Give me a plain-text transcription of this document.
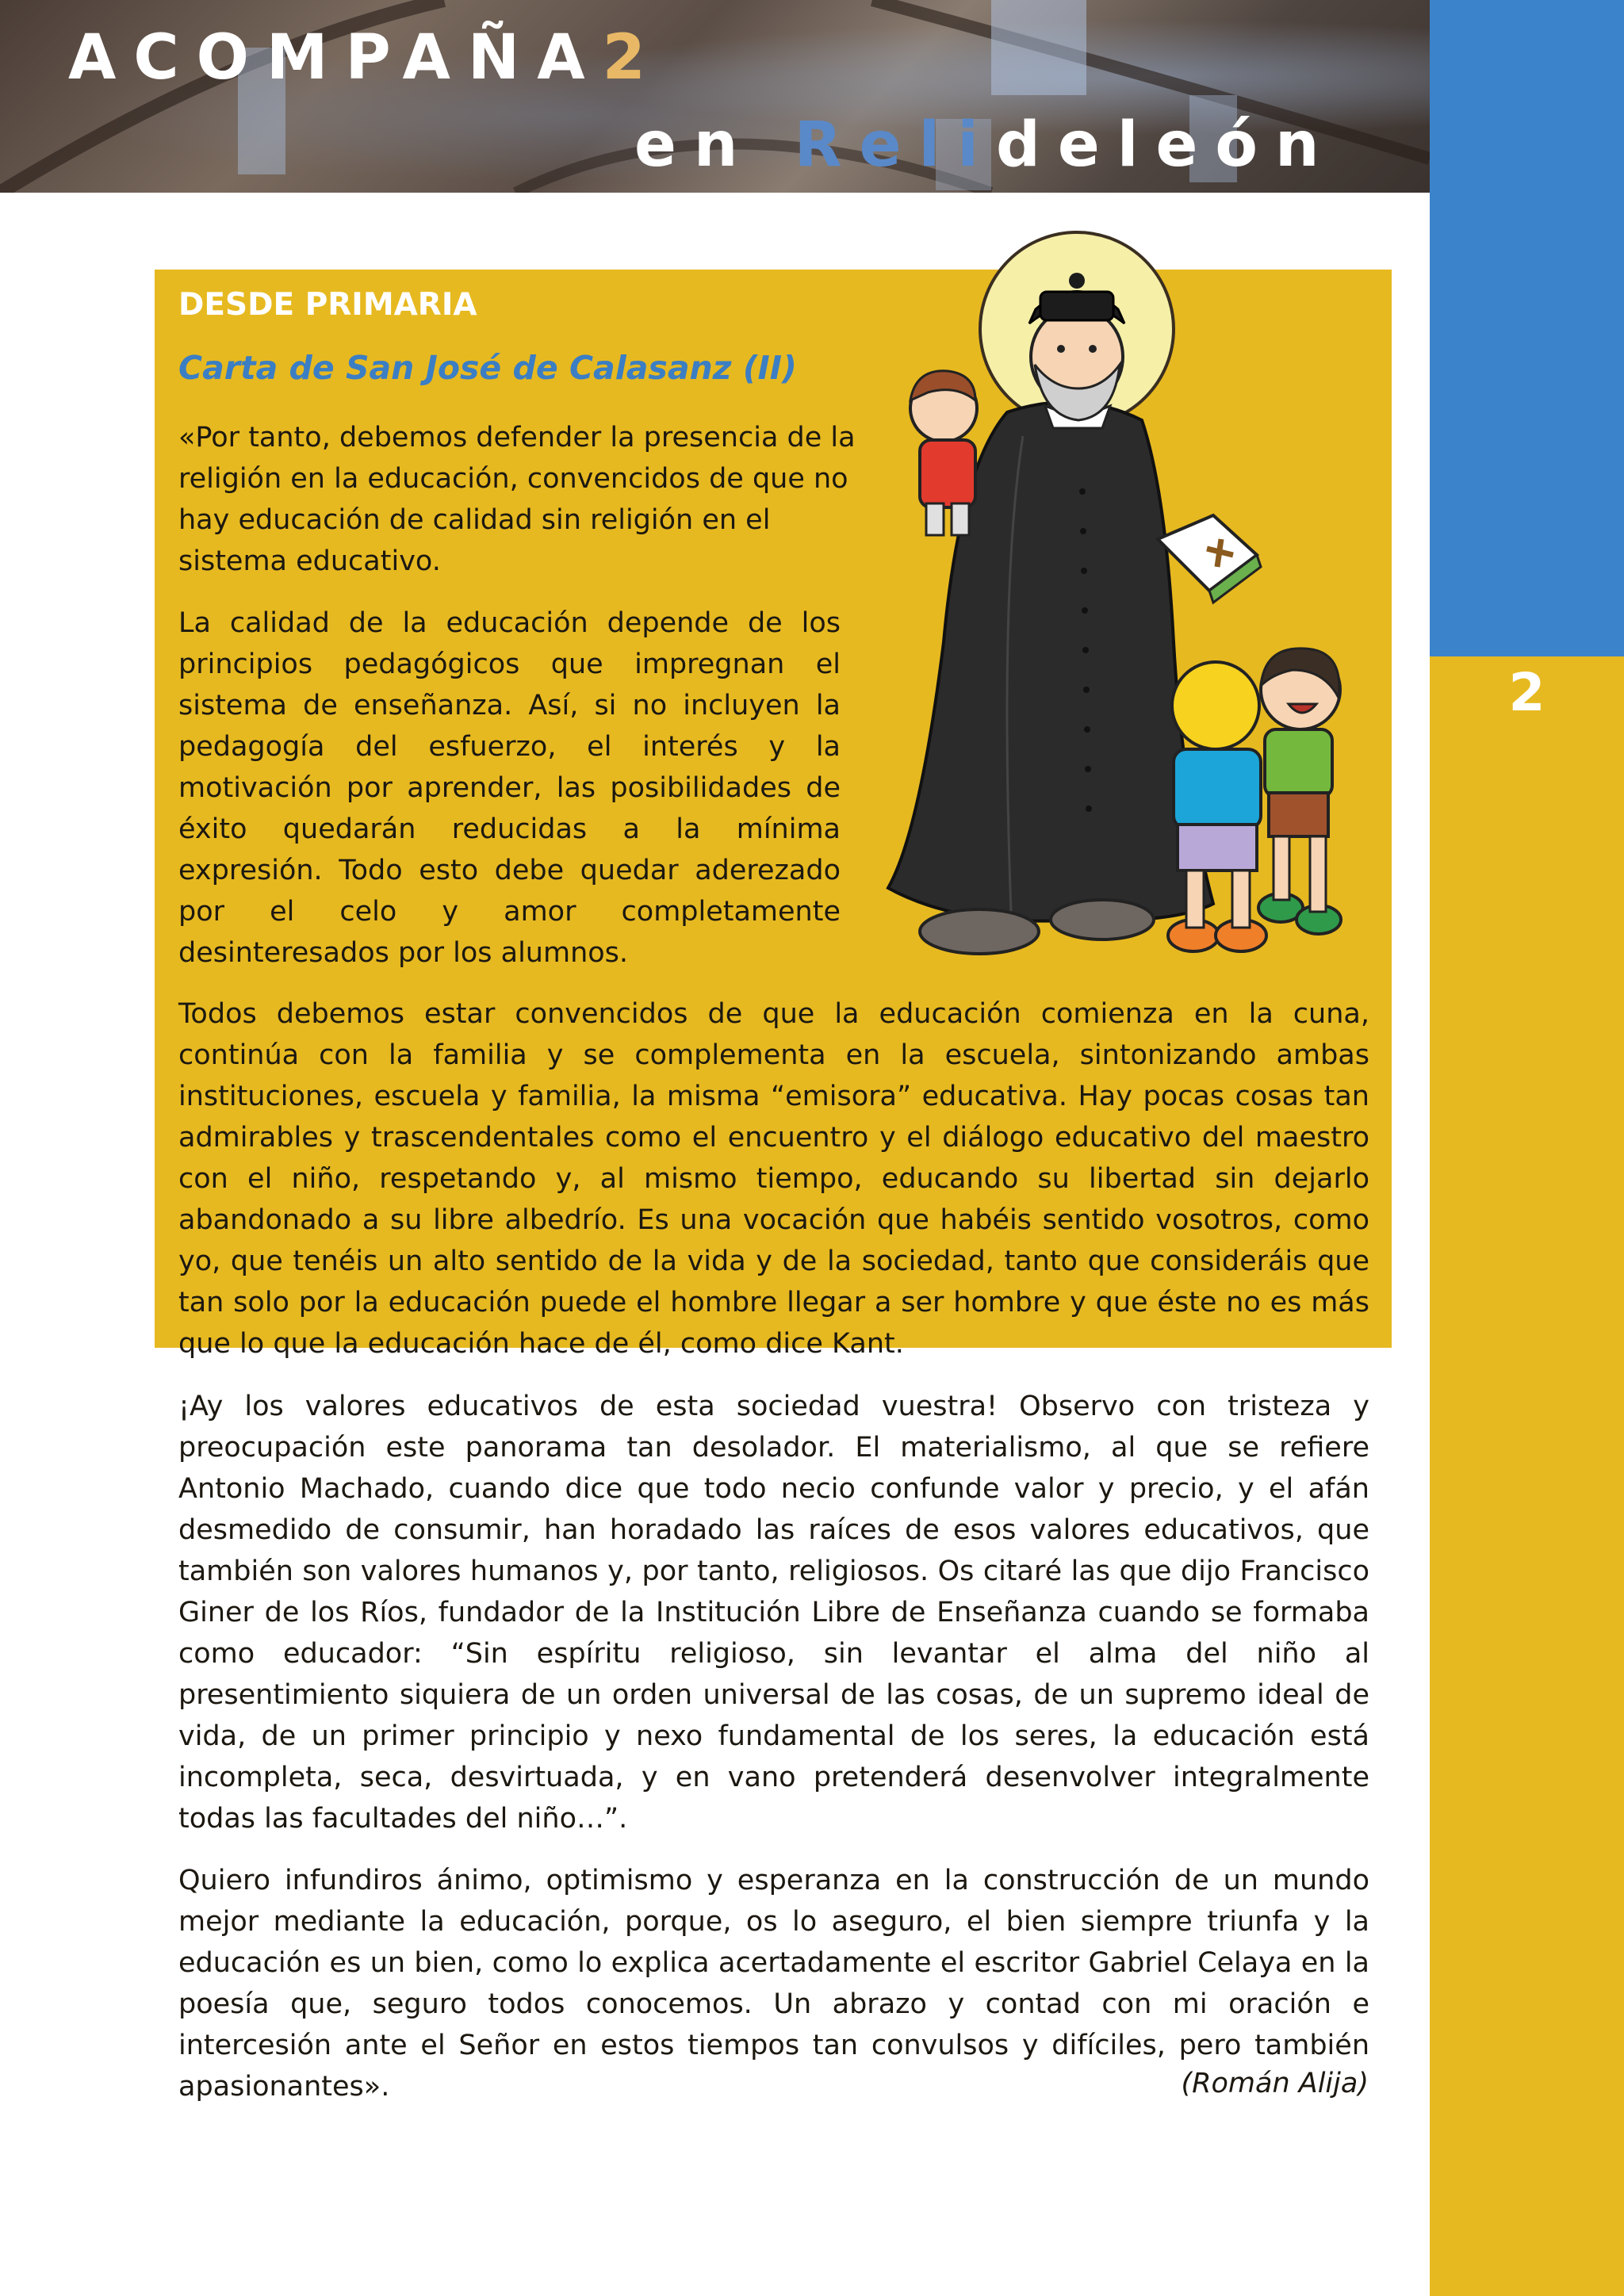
ACOMPAÑA2
en Relideleón
2
DESDE PRIMARIA
Carta de San José de Calasanz (II)

«Por tanto, debemos defender la presencia de la religión en la educación, convencidos de que no hay educación de calidad sin religión en el sistema educativo.

La calidad de la educación depende de los principios pedagógicos que impregnan el sistema de enseñanza. Así, si no incluyen la pedagogía del esfuerzo, el interés y la motivación por aprender, las posibilidades de éxito quedarán reducidas a la mínima expresión. Todo esto debe quedar aderezado por el celo y amor completamente desinteresados por los alumnos.

Todos debemos estar convencidos de que la educación comienza en la cuna, continúa con la familia y se complementa en la escuela, sintonizando ambas instituciones, escuela y familia, la misma “emisora” educativa. Hay pocas cosas tan admirables y trascendentales como el encuentro y el diálogo educativo del maestro con el niño, respetando y, al mismo tiempo, educando su libertad sin dejarlo abandonado a su libre albedrío. Es una vocación que habéis sentido vosotros, como yo, que tenéis un alto sentido de la vida y de la sociedad, tanto que consideráis que tan solo por la educación puede el hombre llegar a ser hombre y que éste no es más que lo que la educación hace de él, como dice Kant.

¡Ay los valores educativos de esta sociedad vuestra! Observo con tristeza y preocupación este panorama tan desolador. El materialismo, al que se refiere Antonio Machado, cuando dice que todo necio confunde valor y precio, y el afán desmedido de consumir, han horadado las raíces de esos valores educativos, que también son valores humanos y, por tanto, religiosos. Os citaré las que dijo Francisco Giner de los Ríos, fundador de la Institución Libre de Enseñanza cuando se formaba como educador: “Sin espíritu religioso, sin levantar el alma del niño al presentimiento siquiera de un orden universal de las cosas, de un supremo ideal de vida, de un primer principio y nexo fundamental de los seres, la educación está incompleta, seca, desvirtuada, y en vano pretenderá desenvolver integralmente todas las facultades del niño…”.

Quiero infundiros ánimo, optimismo y esperanza en la construcción de un mundo mejor mediante la educación, porque, os lo aseguro, el bien siempre triunfa y la educación es un bien, como lo explica acertadamente el escritor Gabriel Celaya en la poesía que, seguro todos conocemos. Un abrazo y contad con mi oración e intercesión ante el Señor en estos tiempos tan convulsos y difíciles, pero también apasionantes».	(Román Alija)
